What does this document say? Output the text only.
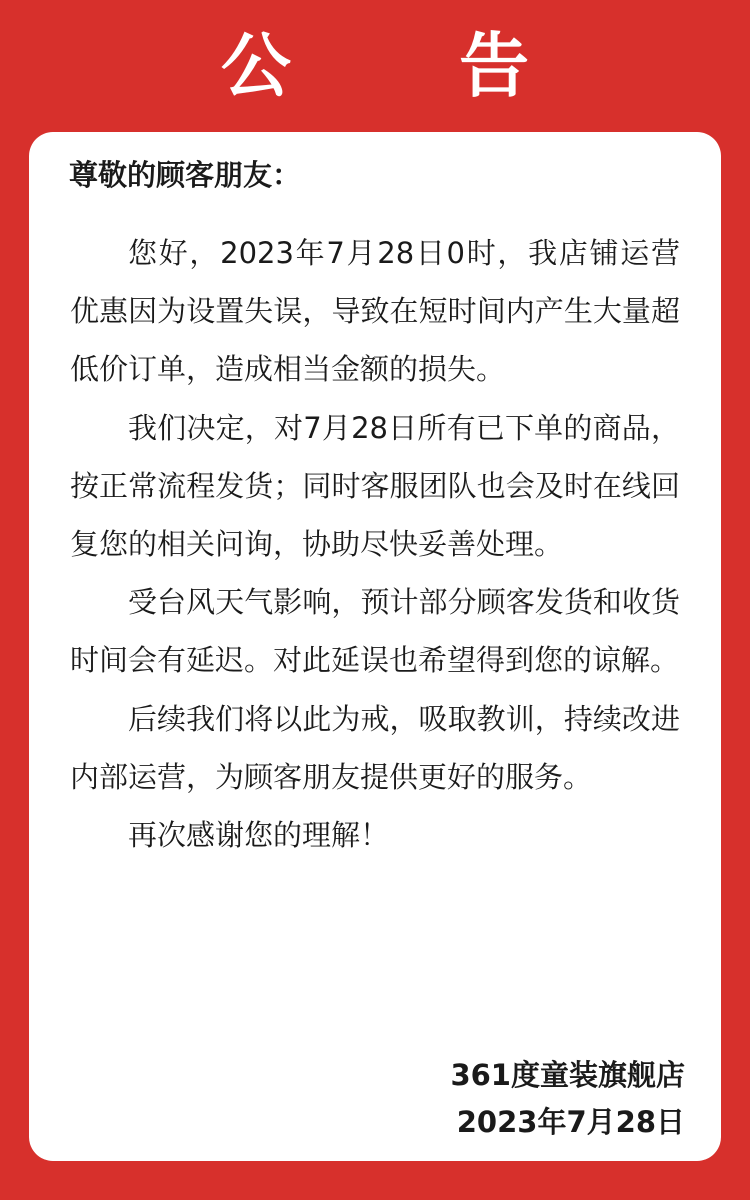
公 告
尊敬的顾客朋友：

您好，2023年7月28日0时，我店铺运营优惠因为设置失误，导致在短时间内产生大量超低价订单，造成相当金额的损失。

我们决定，对7月28日所有已下单的商品，按正常流程发货；同时客服团队也会及时在线回复您的相关问询，协助尽快妥善处理。

受台风天气影响，预计部分顾客发货和收货时间会有延迟。对此延误也希望得到您的谅解。

后续我们将以此为戒，吸取教训，持续改进内部运营，为顾客朋友提供更好的服务。

再次感谢您的理解！

361度童装旗舰店
2023年7月28日
